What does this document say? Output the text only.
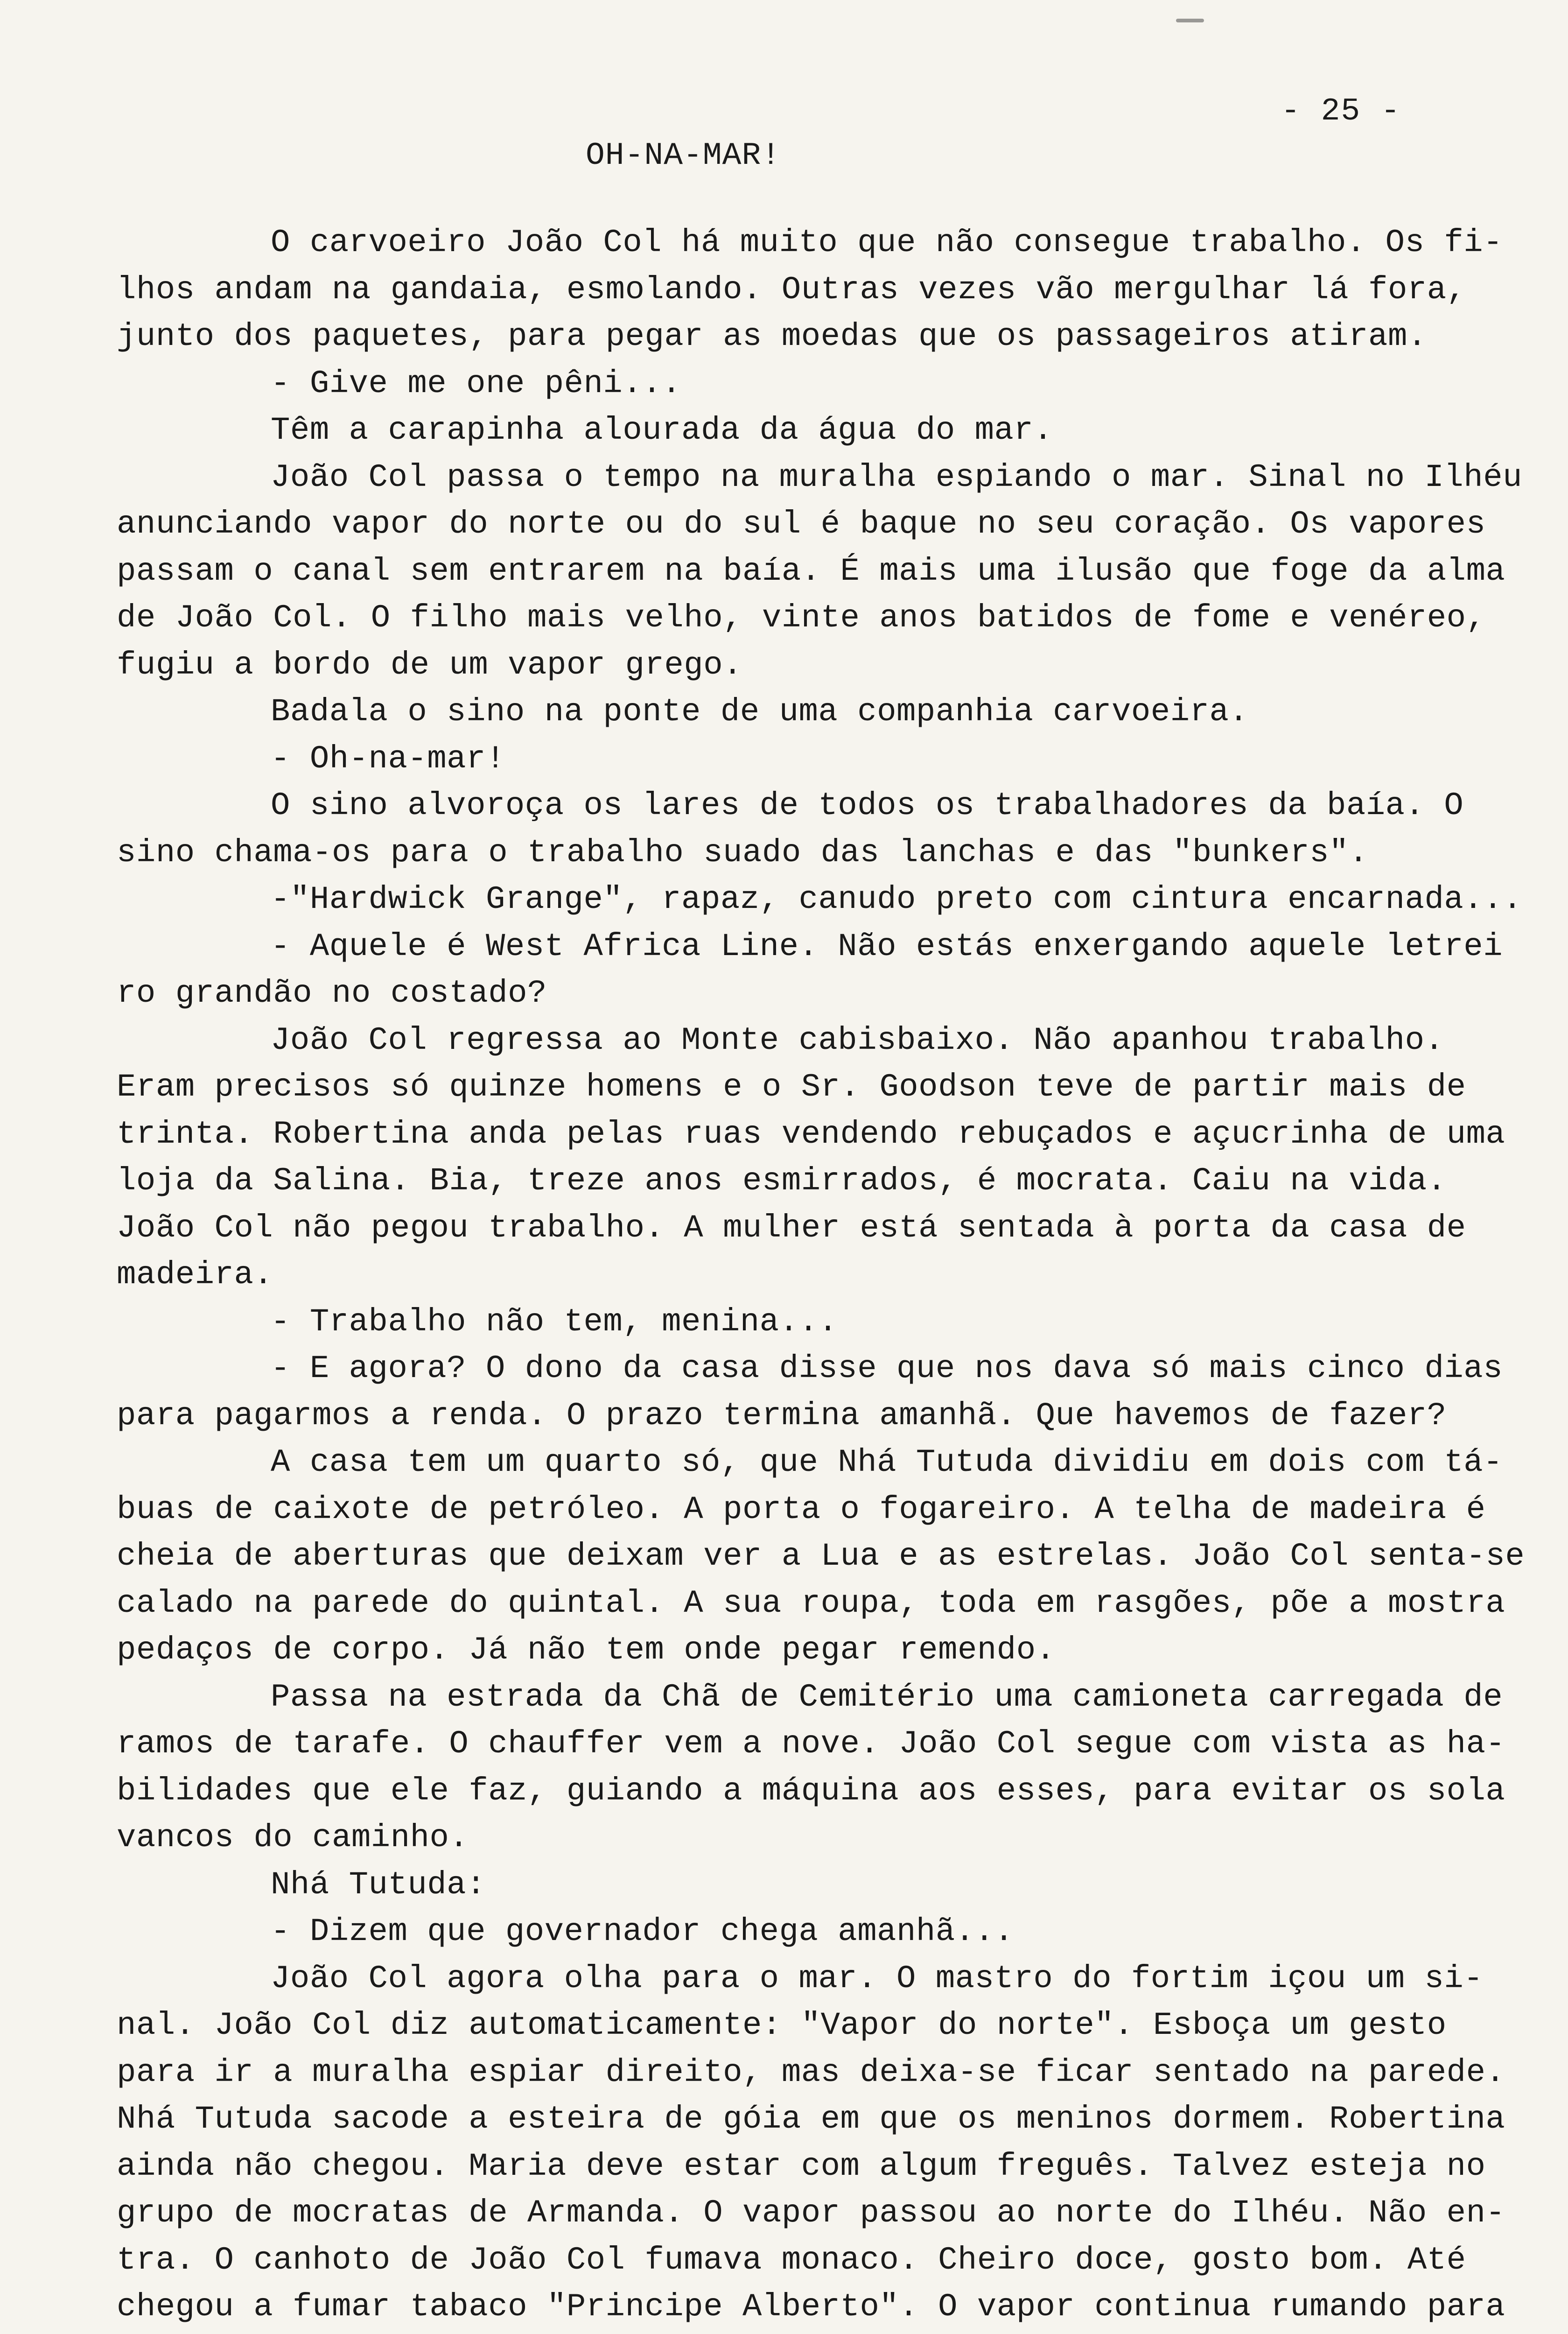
- 25 -
OH-NA-MAR!
O carvoeiro João Col há muito que não consegue trabalho. Os fi-
lhos andam na gandaia, esmolando. Outras vezes vão mergulhar lá fora,
junto dos paquetes, para pegar as moedas que os passageiros atiram.
- Give me one pêni...
Têm a carapinha alourada da água do mar.
João Col passa o tempo na muralha espiando o mar. Sinal no Ilhéu
anunciando vapor do norte ou do sul é baque no seu coração. Os vapores
passam o canal sem entrarem na baía. É mais uma ilusão que foge da alma
de João Col. O filho mais velho, vinte anos batidos de fome e venéreo,
fugiu a bordo de um vapor grego.
Badala o sino na ponte de uma companhia carvoeira.
- Oh-na-mar!
O sino alvoroça os lares de todos os trabalhadores da baía. O
sino chama-os para o trabalho suado das lanchas e das "bunkers".
-"Hardwick Grange", rapaz, canudo preto com cintura encarnada...
- Aquele é West Africa Line. Não estás enxergando aquele letrei
ro grandão no costado?
João Col regressa ao Monte cabisbaixo. Não apanhou trabalho.
Eram precisos só quinze homens e o Sr. Goodson teve de partir mais de
trinta. Robertina anda pelas ruas vendendo rebuçados e açucrinha de uma
loja da Salina. Bia, treze anos esmirrados, é mocrata. Caiu na vida.
João Col não pegou trabalho. A mulher está sentada à porta da casa de
madeira.
- Trabalho não tem, menina...
- E agora? O dono da casa disse que nos dava só mais cinco dias
para pagarmos a renda. O prazo termina amanhã. Que havemos de fazer?
A casa tem um quarto só, que Nhá Tutuda dividiu em dois com tá-
buas de caixote de petróleo. A porta o fogareiro. A telha de madeira é
cheia de aberturas que deixam ver a Lua e as estrelas. João Col senta-se
calado na parede do quintal. A sua roupa, toda em rasgões, põe a mostra
pedaços de corpo. Já não tem onde pegar remendo.
Passa na estrada da Chã de Cemitério uma camioneta carregada de
ramos de tarafe. O chauffer vem a nove. João Col segue com vista as ha-
bilidades que ele faz, guiando a máquina aos esses, para evitar os sola
vancos do caminho.
Nhá Tutuda:
- Dizem que governador chega amanhã...
João Col agora olha para o mar. O mastro do fortim içou um si-
nal. João Col diz automaticamente: "Vapor do norte". Esboça um gesto
para ir a muralha espiar direito, mas deixa-se ficar sentado na parede.
Nhá Tutuda sacode a esteira de góia em que os meninos dormem. Robertina
ainda não chegou. Maria deve estar com algum freguês. Talvez esteja no
grupo de mocratas de Armanda. O vapor passou ao norte do Ilhéu. Não en-
tra. O canhoto de João Col fumava monaco. Cheiro doce, gosto bom. Até
chegou a fumar tabaco "Principe Alberto". O vapor continua rumando para
